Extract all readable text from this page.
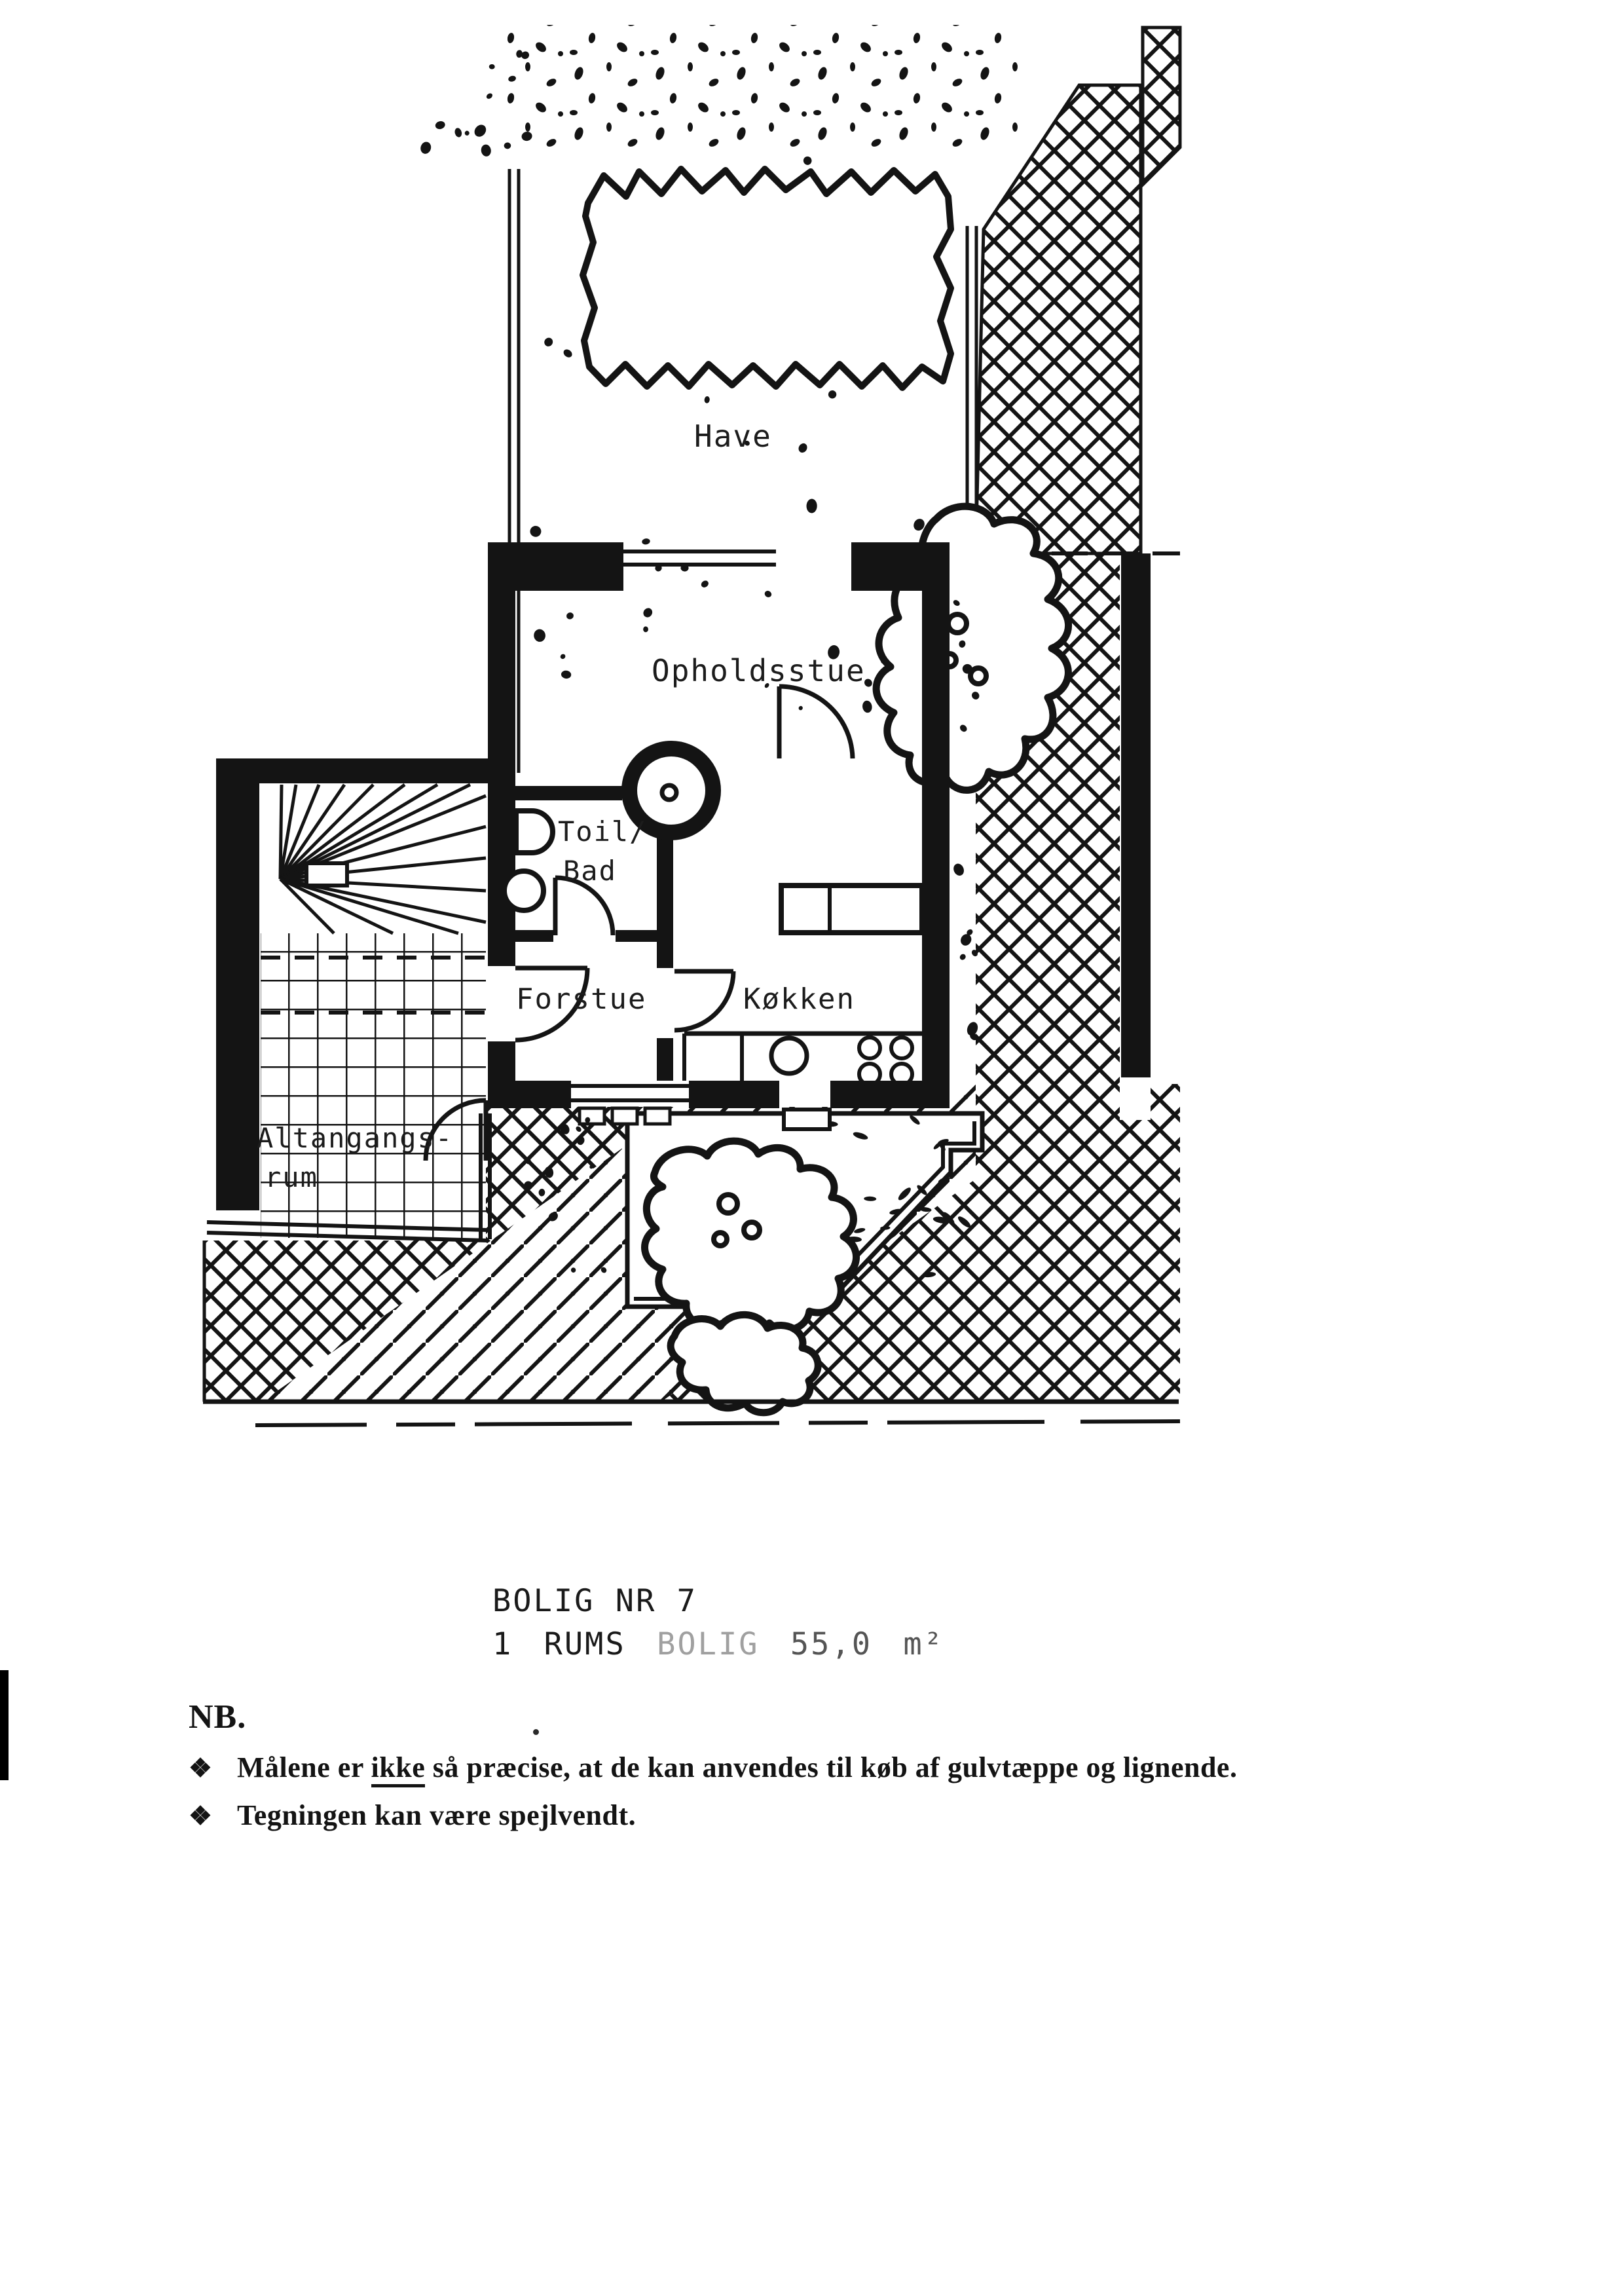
Have
Opholdsstue
Toil/
Bad
Forstue	Køkken
Altangangs-
rum
BOLIG NR 7
1 RUMS BOLIG 55,0 m²
NB.
❖ Målene er ikke så præcise, at de kan anvendes til køb af gulvtæppe og lignende.
❖ Tegningen kan være spejlvendt.
